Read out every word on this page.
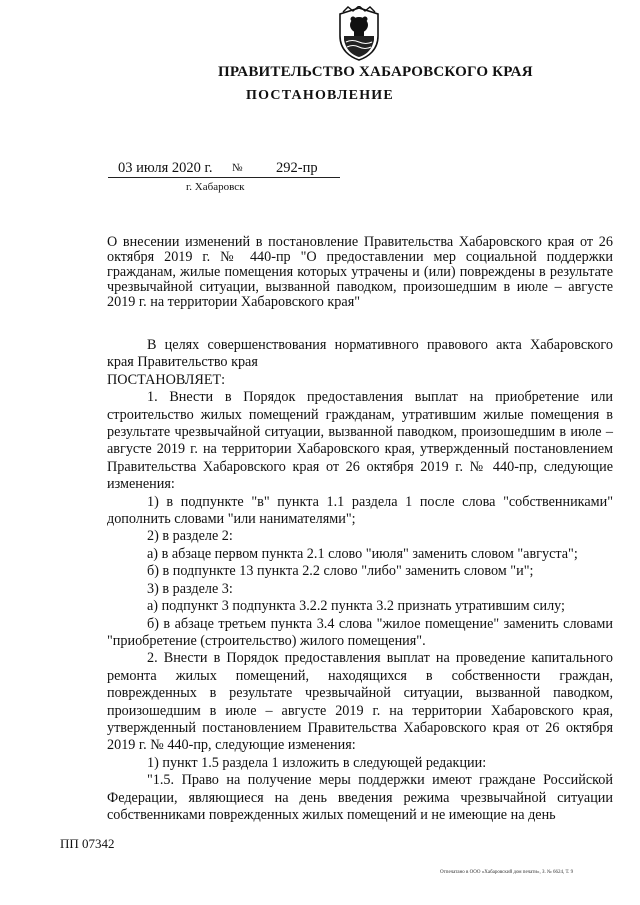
ПРАВИТЕЛЬСТВО ХАБАРОВСКОГО КРАЯ
ПОСТАНОВЛЕНИЕ
03 июля 2020 г. № 292-пр
г. Хабаровск
О внесении изменений в постановление Правительства Хабаровского края от 26 октября 2019 г. № 440-пр "О предоставлении мер социальной поддержки гражданам, жилые помещения которых утрачены и (или) повреждены в результате чрезвычайной ситуации, вызванной паводком, произошедшим в июле – августе 2019 г. на территории Хабаровского края"

В целях совершенствования нормативного правового акта Хабаровского края Правительство края

ПОСТАНОВЛЯЕТ:

1. Внести в Порядок предоставления выплат на приобретение или строительство жилых помещений гражданам, утратившим жилые помещения в результате чрезвычайной ситуации, вызванной паводком, произошедшим в июле – августе 2019 г. на территории Хабаровского края, утвержденный постановлением Правительства Хабаровского края от 26 октября 2019 г. № 440-пр, следующие изменения:

1) в подпункте "в" пункта 1.1 раздела 1 после слова "собственниками" дополнить словами "или нанимателями";

2) в разделе 2:

а) в абзаце первом пункта 2.1 слово "июля" заменить словом "августа";

б) в подпункте 13 пункта 2.2 слово "либо" заменить словом "и";

3) в разделе 3:

а) подпункт 3 подпункта 3.2.2 пункта 3.2 признать утратившим силу;

б) в абзаце третьем пункта 3.4 слова "жилое помещение" заменить словами "приобретение (строительство) жилого помещения".

2. Внести в Порядок предоставления выплат на проведение капитального ремонта жилых помещений, находящихся в собственности граждан, поврежденных в результате чрезвычайной ситуации, вызванной паводком, произошедшим в июле – августе 2019 г. на территории Хабаровского края, утвержденный постановлением Правительства Хабаровского края от 26 октября 2019 г. № 440-пр, следующие изменения:

1) пункт 1.5 раздела 1 изложить в следующей редакции:

"1.5. Право на получение меры поддержки имеют граждане Российской Федерации, являющиеся на день введения режима чрезвычайной ситуации собственниками поврежденных жилых помещений и не имеющие на день

ПП 07342
Отпечатано в ООО «Хабаровский дом печати», З. № 6624, Т. 9
